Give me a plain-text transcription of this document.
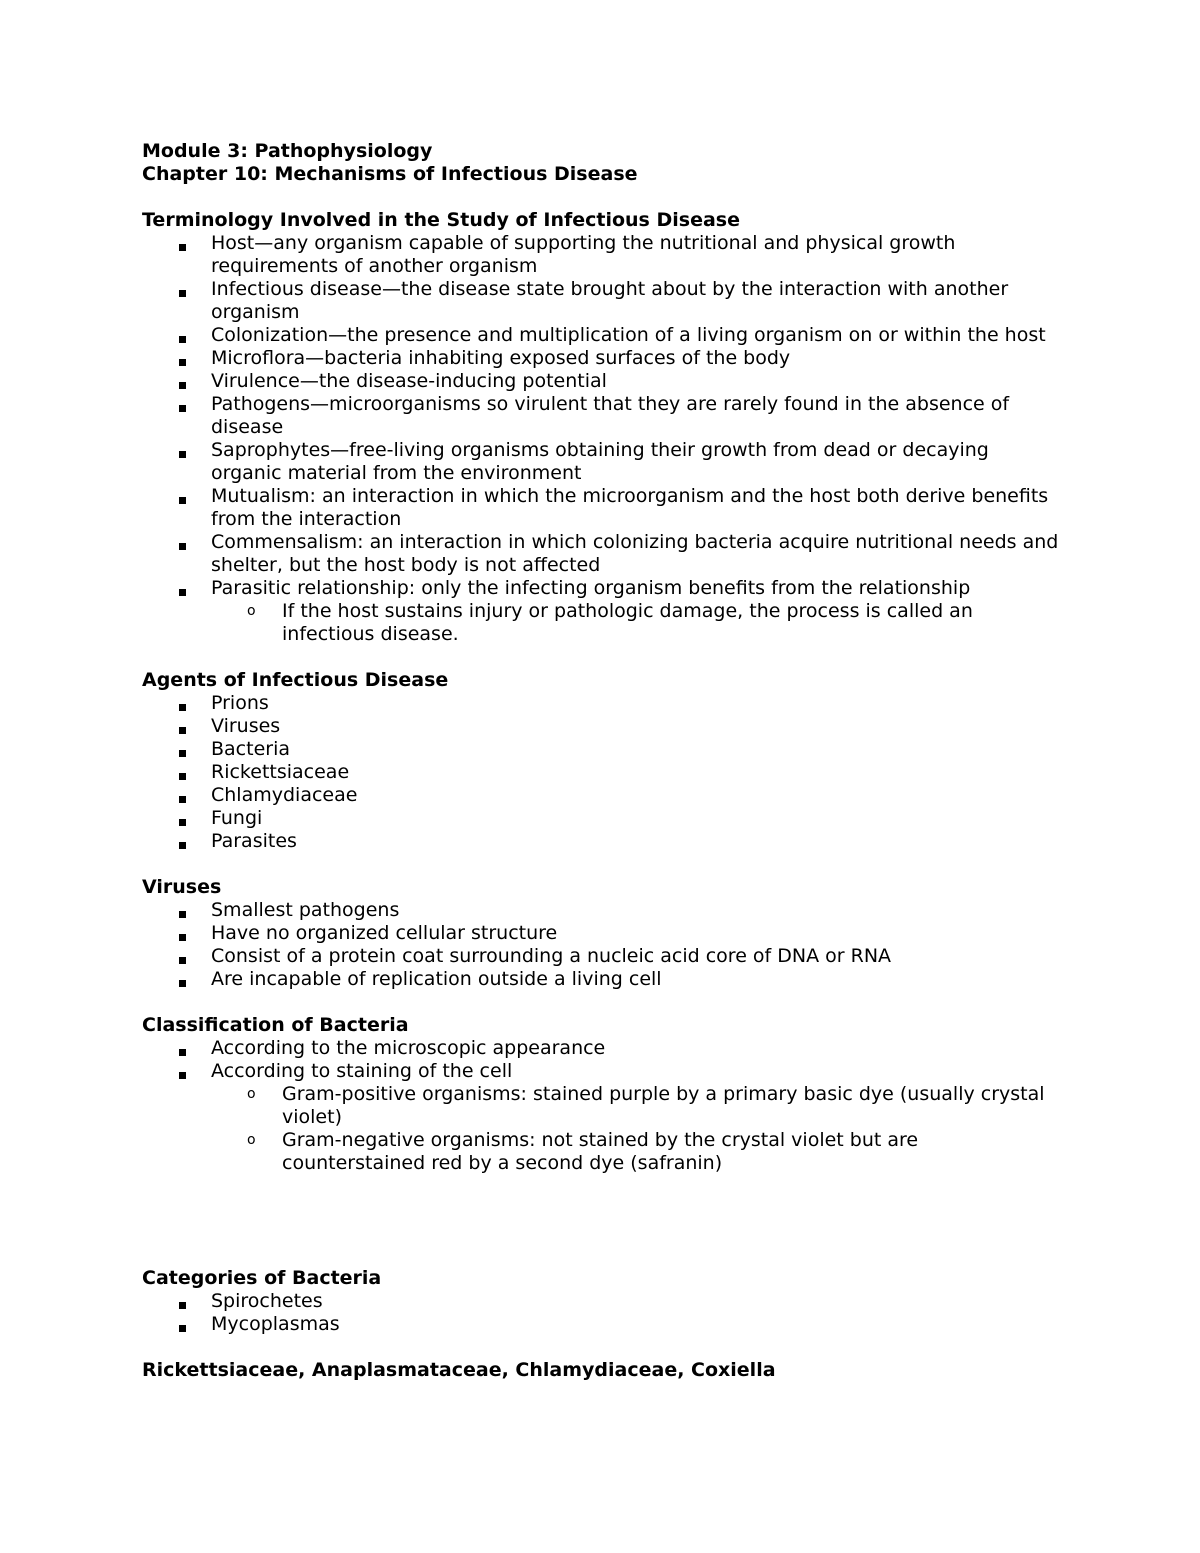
Module 3: Pathophysiology

Chapter 10: Mechanisms of Infectious Disease

Terminology Involved in the Study of Infectious Disease

Host—any organism capable of supporting the nutritional and physical growth requirements of another organism
Infectious disease—the disease state brought about by the interaction with another organism
Colonization—the presence and multiplication of a living organism on or within the host
Microflora—bacteria inhabiting exposed surfaces of the body
Virulence—the disease-inducing potential
Pathogens—microorganisms so virulent that they are rarely found in the absence of disease
Saprophytes—free-living organisms obtaining their growth from dead or decaying organic material from the environment
Mutualism: an interaction in which the microorganism and the host both derive benefits from the interaction
Commensalism: an interaction in which colonizing bacteria acquire nutritional needs and shelter, but the host body is not affected
Parasitic relationship: only the infecting organism benefits from the relationship
o If the host sustains injury or pathologic damage, the process is called an infectious disease.

Agents of Infectious Disease

Prions
Viruses
Bacteria
Rickettsiaceae
Chlamydiaceae
Fungi
Parasites

Viruses

Smallest pathogens
Have no organized cellular structure
Consist of a protein coat surrounding a nucleic acid core of DNA or RNA
Are incapable of replication outside a living cell

Classification of Bacteria

According to the microscopic appearance
According to staining of the cell
o Gram-positive organisms: stained purple by a primary basic dye (usually crystal violet)
o Gram-negative organisms: not stained by the crystal violet but are counterstained red by a second dye (safranin)

Categories of Bacteria

Spirochetes
Mycoplasmas

Rickettsiaceae, Anaplasmataceae, Chlamydiaceae, Coxiella
